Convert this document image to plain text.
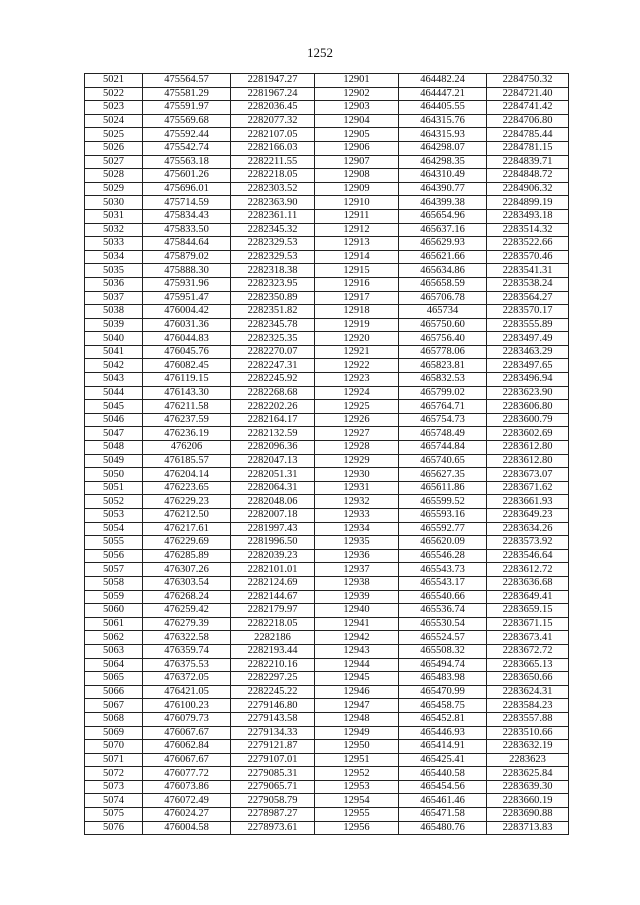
1252
5021	475564.57	2281947.27	12901	464482.24	2284750.32
5022	475581.29	2281967.24	12902	464447.21	2284721.40
5023	475591.97	2282036.45	12903	464405.55	2284741.42
5024	475569.68	2282077.32	12904	464315.76	2284706.80
5025	475592.44	2282107.05	12905	464315.93	2284785.44
5026	475542.74	2282166.03	12906	464298.07	2284781.15
5027	475563.18	2282211.55	12907	464298.35	2284839.71
5028	475601.26	2282218.05	12908	464310.49	2284848.72
5029	475696.01	2282303.52	12909	464390.77	2284906.32
5030	475714.59	2282363.90	12910	464399.38	2284899.19
5031	475834.43	2282361.11	12911	465654.96	2283493.18
5032	475833.50	2282345.32	12912	465637.16	2283514.32
5033	475844.64	2282329.53	12913	465629.93	2283522.66
5034	475879.02	2282329.53	12914	465621.66	2283570.46
5035	475888.30	2282318.38	12915	465634.86	2283541.31
5036	475931.96	2282323.95	12916	465658.59	2283538.24
5037	475951.47	2282350.89	12917	465706.78	2283564.27
5038	476004.42	2282351.82	12918	465734	2283570.17
5039	476031.36	2282345.78	12919	465750.60	2283555.89
5040	476044.83	2282325.35	12920	465756.40	2283497.49
5041	476045.76	2282270.07	12921	465778.06	2283463.29
5042	476082.45	2282247.31	12922	465823.81	2283497.65
5043	476119.15	2282245.92	12923	465832.53	2283496.94
5044	476143.30	2282268.68	12924	465799.02	2283623.90
5045	476211.58	2282202.26	12925	465764.71	2283606.80
5046	476237.59	2282164.17	12926	465754.73	2283600.79
5047	476236.19	2282132.59	12927	465748.49	2283602.69
5048	476206	2282096.36	12928	465744.84	2283612.80
5049	476185.57	2282047.13	12929	465740.65	2283612.80
5050	476204.14	2282051.31	12930	465627.35	2283673.07
5051	476223.65	2282064.31	12931	465611.86	2283671.62
5052	476229.23	2282048.06	12932	465599.52	2283661.93
5053	476212.50	2282007.18	12933	465593.16	2283649.23
5054	476217.61	2281997.43	12934	465592.77	2283634.26
5055	476229.69	2281996.50	12935	465620.09	2283573.92
5056	476285.89	2282039.23	12936	465546.28	2283546.64
5057	476307.26	2282101.01	12937	465543.73	2283612.72
5058	476303.54	2282124.69	12938	465543.17	2283636.68
5059	476268.24	2282144.67	12939	465540.66	2283649.41
5060	476259.42	2282179.97	12940	465536.74	2283659.15
5061	476279.39	2282218.05	12941	465530.54	2283671.15
5062	476322.58	2282186	12942	465524.57	2283673.41
5063	476359.74	2282193.44	12943	465508.32	2283672.72
5064	476375.53	2282210.16	12944	465494.74	2283665.13
5065	476372.05	2282297.25	12945	465483.98	2283650.66
5066	476421.05	2282245.22	12946	465470.99	2283624.31
5067	476100.23	2279146.80	12947	465458.75	2283584.23
5068	476079.73	2279143.58	12948	465452.81	2283557.88
5069	476067.67	2279134.33	12949	465446.93	2283510.66
5070	476062.84	2279121.87	12950	465414.91	2283632.19
5071	476067.67	2279107.01	12951	465425.41	2283623
5072	476077.72	2279085.31	12952	465440.58	2283625.84
5073	476073.86	2279065.71	12953	465454.56	2283639.30
5074	476072.49	2279058.79	12954	465461.46	2283660.19
5075	476024.27	2278987.27	12955	465471.58	2283690.88
5076	476004.58	2278973.61	12956	465480.76	2283713.83
